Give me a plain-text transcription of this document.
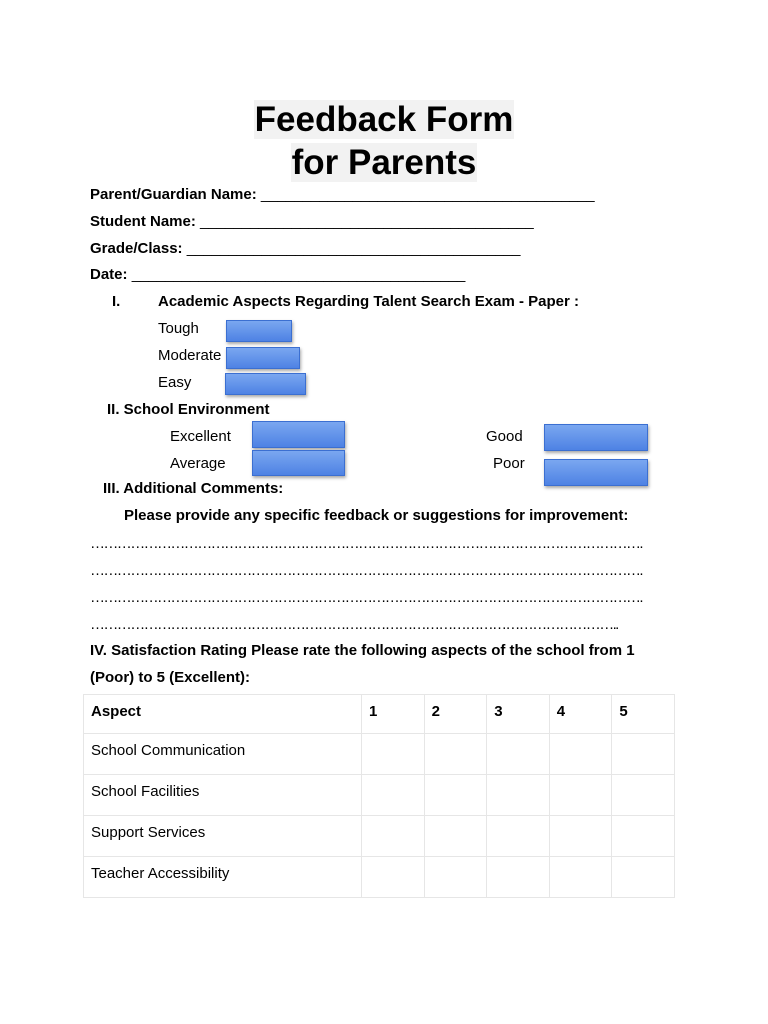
Feedback Form
for Parents
Parent/Guardian Name: ________________________________________
Student Name: ________________________________________
Grade/Class: ________________________________________
Date: ________________________________________
I.	Academic Aspects Regarding Talent Search Exam - Paper :
Tough
Moderate
Easy
II. School Environment
Excellent
Average
Good
Poor
III. Additional Comments:
Please provide any specific feedback or suggestions for improvement:
…………………………………………………………………………………………………………….
…………………………………………………………………………………………………………….
…………………………………………………………………………………………………………….
………………………………………………………………………………………………………..
IV. Satisfaction Rating Please rate the following aspects of the school from 1
(Poor) to 5 (Excellent):
Aspect	1	2	3	4	5
School Communication					
School Facilities					
Support Services					
Teacher Accessibility					
